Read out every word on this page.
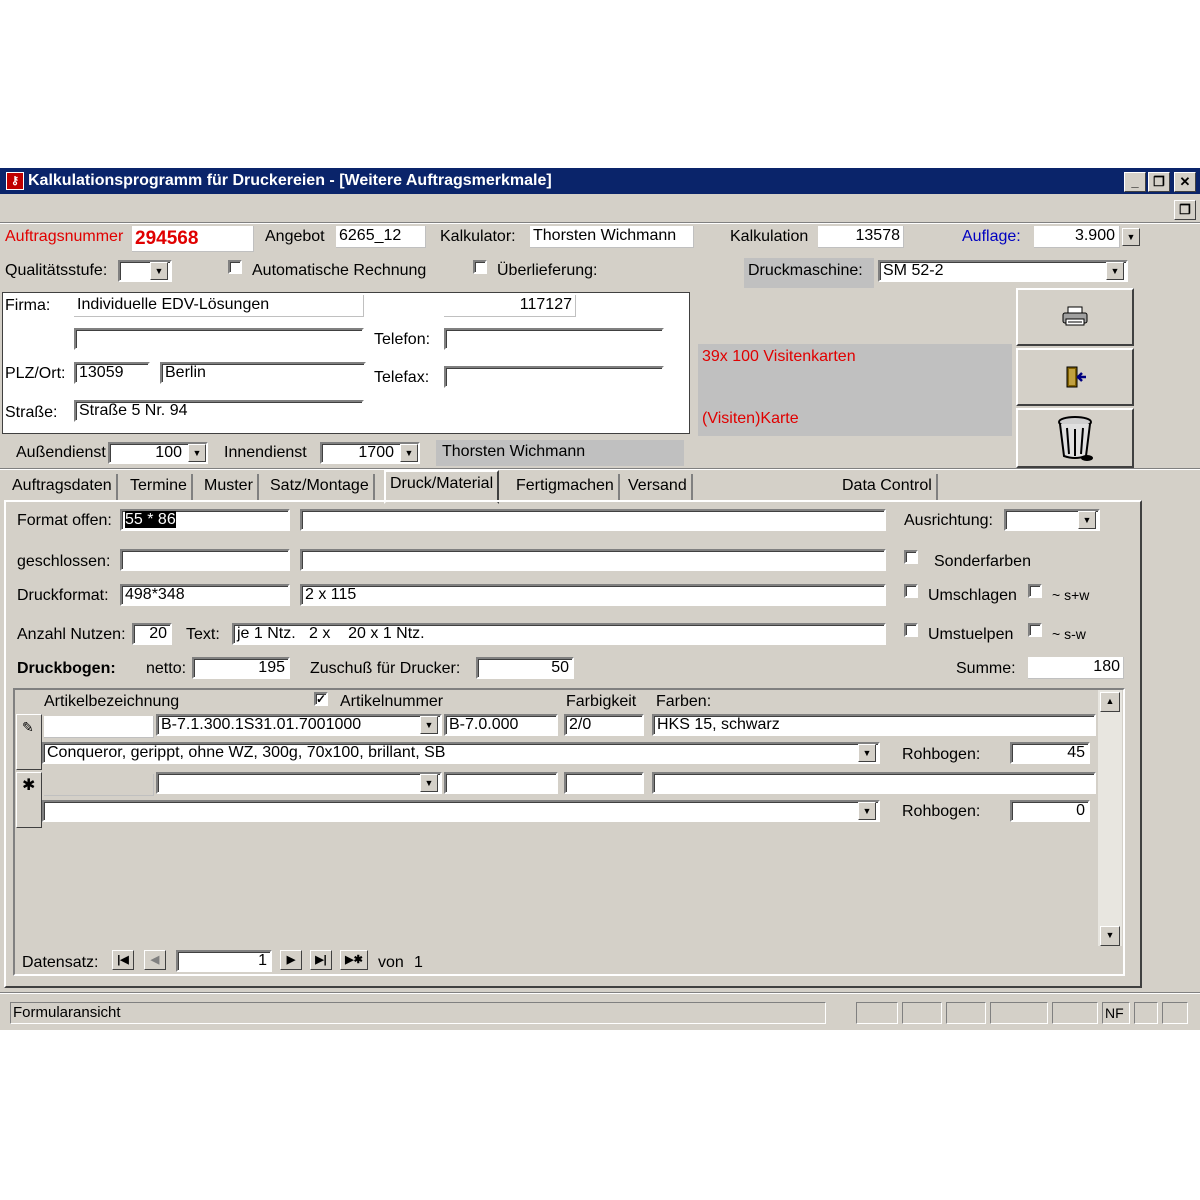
⚷ Kalkulationsprogramm für Druckereien - [Weitere Auftragsmerkmale]	_	❐	✕
❐
Auftragsnummer 294568	Angebot 6265_12	Kalkulator: Thorsten Wichmann	Kalkulation	13578	Auflage:	3.900	▼
Qualitätsstufe:	▼	Automatische Rechnung	Überlieferung:	Druckmaschine:	SM 52-2	▼
Firma: Individuelle EDV-Lösungen	117127
Telefon:
PLZ/Ort: 13059	Berlin	Telefax:
Straße:	Straße 5 Nr. 94
39x 100 Visitenkarten
(Visiten)Karte
Außendienst	100	▼ Innendienst	1700	▼ Thorsten Wichmann
Auftragsdaten	Termine	Muster	Satz/Montage	Druck/Material	Fertigmachen Versand	Data Control
Format offen: 55 * 86	Ausrichtung:	▼
geschlossen:	Sonderfarben
Druckformat:	498*348	2 x 115	Umschlagen	~ s+w
Anzahl Nutzen:	20	Text:	je 1 Ntz.   2 x    20 x 1 Ntz.	Umstuelpen	~ s-w
Druckbogen: netto:	195	Zuschuß für Drucker:	50	Summe:	180
Artikelbezeichnung	✓ Artikelnummer	Farbigkeit Farben:	▲
▼
✎	B-7.1.300.1S31.01.7001000	▼ B-7.0.000	2/0	HKS 15, schwarz
Conqueror, gerippt, ohne WZ, 300g, 70x100, brillant, SB	▼ Rohbogen:	45
✱	▼
▼ Rohbogen:	0
Datensatz:	|◀	◀	1	▶	▶|	▶✱ von 1
Formularansicht	NF
